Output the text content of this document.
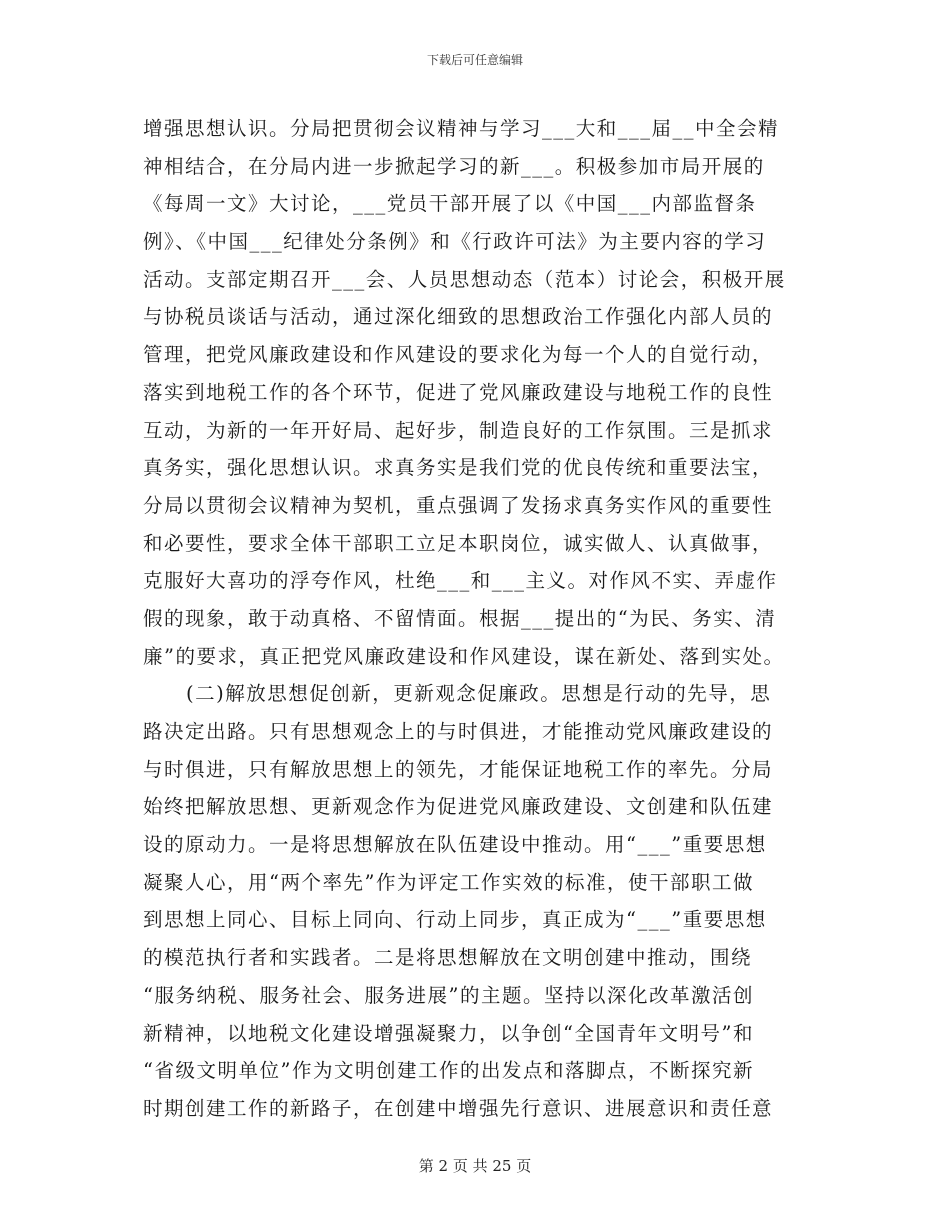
下载后可任意编辑
增强思想认识。分局把贯彻会议精神与学习___大和___届__中全会精
神相结合，在分局内进一步掀起学习的新___。积极参加市局开展的
《每周一文》大讨论，___党员干部开展了以《中国___内部监督条
例》、《中国___纪律处分条例》和《行政许可法》为主要内容的学习
活动。支部定期召开___会、人员思想动态（范本）讨论会，积极开展
与协税员谈话与活动，通过深化细致的思想政治工作强化内部人员的
管理，把党风廉政建设和作风建设的要求化为每一个人的自觉行动，
落实到地税工作的各个环节，促进了党风廉政建设与地税工作的良性
互动，为新的一年开好局、起好步，制造良好的工作氛围。三是抓求
真务实，强化思想认识。求真务实是我们党的优良传统和重要法宝，
分局以贯彻会议精神为契机，重点强调了发扬求真务实作风的重要性
和必要性，要求全体干部职工立足本职岗位，诚实做人、认真做事，
克服好大喜功的浮夸作风，杜绝___和___主义。对作风不实、弄虚作
假的现象，敢于动真格、不留情面。根据___提出的“为民、务实、清
廉”的要求，真正把党风廉政建设和作风建设，谋在新处、落到实处。
(二)解放思想促创新，更新观念促廉政。思想是行动的先导，思
路决定出路。只有思想观念上的与时俱进，才能推动党风廉政建设的
与时俱进，只有解放思想上的领先，才能保证地税工作的率先。分局
始终把解放思想、更新观念作为促进党风廉政建设、文创建和队伍建
设的原动力。一是将思想解放在队伍建设中推动。用“___”重要思想
凝聚人心，用“两个率先”作为评定工作实效的标准，使干部职工做
到思想上同心、目标上同向、行动上同步，真正成为“___”重要思想
的模范执行者和实践者。二是将思想解放在文明创建中推动，围绕
“服务纳税、服务社会、服务进展”的主题。坚持以深化改革激活创
新精神，以地税文化建设增强凝聚力，以争创“全国青年文明号”和
“省级文明单位”作为文明创建工作的出发点和落脚点，不断探究新
时期创建工作的新路子，在创建中增强先行意识、进展意识和责任意
第 2 页 共 25 页
